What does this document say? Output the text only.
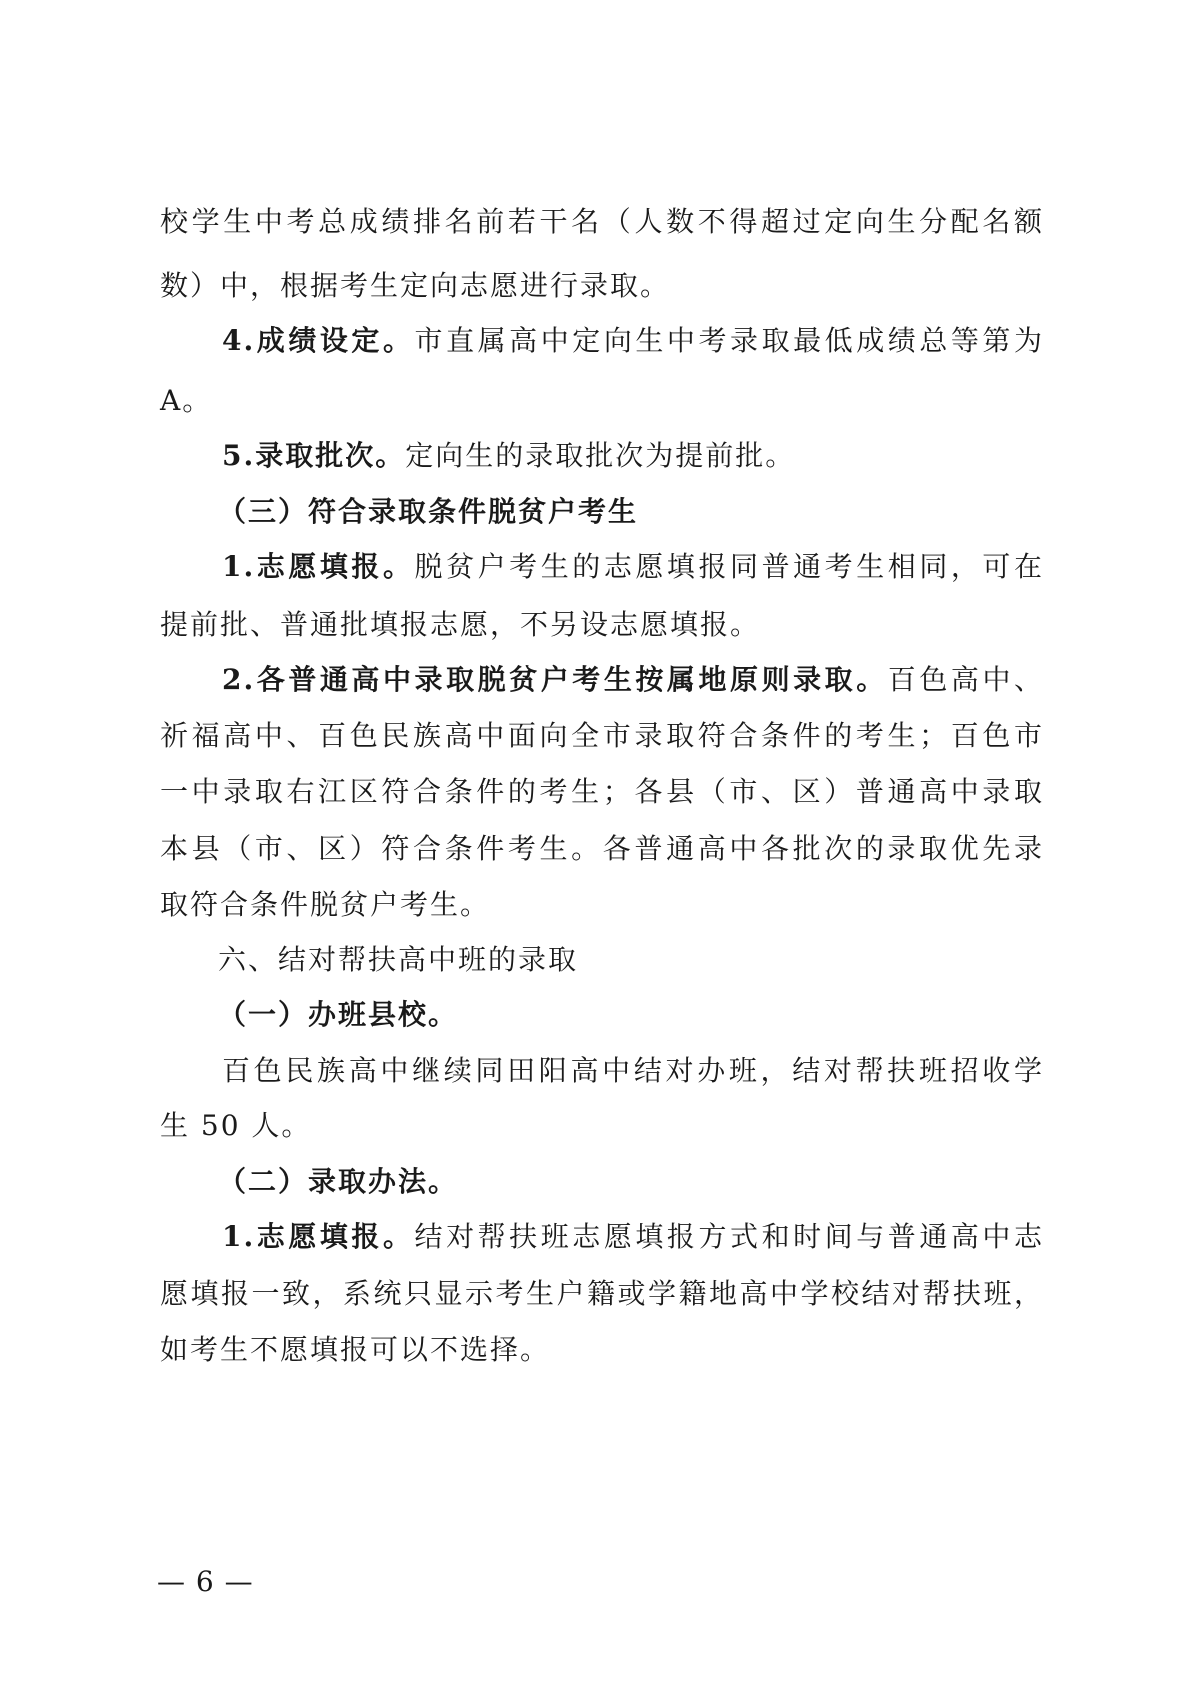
校学生中考总成绩排名前若干名（人数不得超过定向生分配名额
数）中，根据考生定向志愿进行录取。
4.成绩设定。市直属高中定向生中考录取最低成绩总等第为
A。
5.录取批次。定向生的录取批次为提前批。
（三）符合录取条件脱贫户考生
1.志愿填报。脱贫户考生的志愿填报同普通考生相同，可在
提前批、普通批填报志愿，不另设志愿填报。
2.各普通高中录取脱贫户考生按属地原则录取。百色高中、
祈福高中、百色民族高中面向全市录取符合条件的考生；百色市
一中录取右江区符合条件的考生；各县（市、区）普通高中录取
本县（市、区）符合条件考生。各普通高中各批次的录取优先录
取符合条件脱贫户考生。
六、结对帮扶高中班的录取
（一）办班县校。
百色民族高中继续同田阳高中结对办班，结对帮扶班招收学
生 50 人。
（二）录取办法。
1.志愿填报。结对帮扶班志愿填报方式和时间与普通高中志
愿填报一致，系统只显示考生户籍或学籍地高中学校结对帮扶班，
如考生不愿填报可以不选择。
— 6 —
